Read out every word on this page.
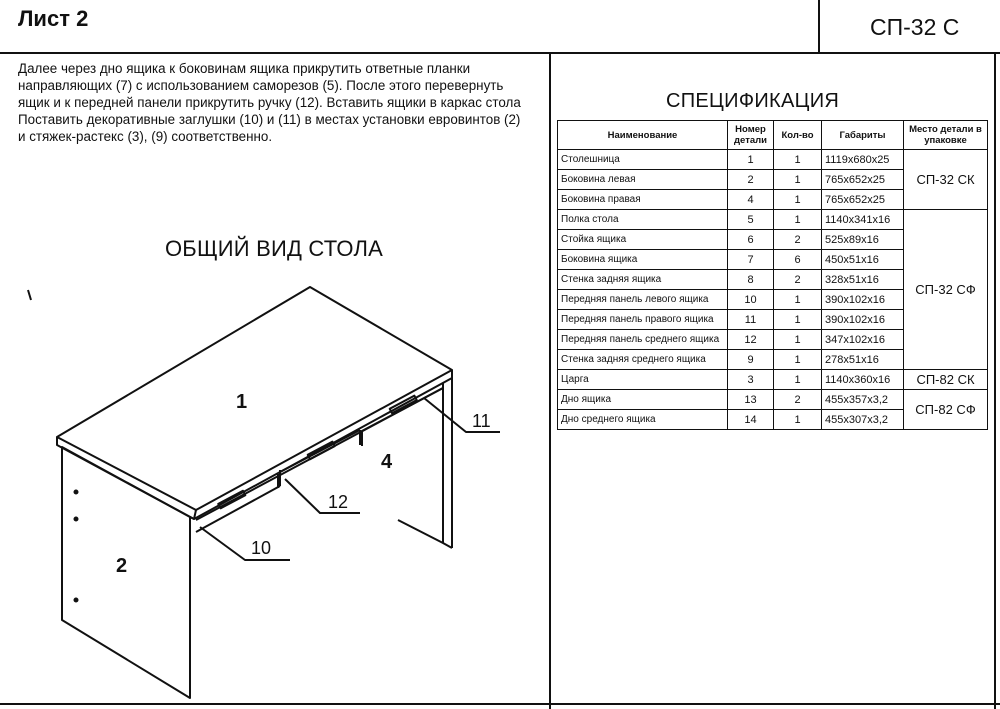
Лист 2	СП-32 С
Далее через дно ящика к боковинам ящика прикрутить ответные планки
направляющих (7) с использованием саморезов (5). После этого перевернуть
ящик и к передней панели прикрутить ручку (12). Вставить ящики в каркас стола
Поставить декоративные заглушки (10) и (11) в местах установки евровинтов (2)
и стяжек-растекс (3), (9) соответственно.
ОБЩИЙ ВИД СТОЛА
1
2
4
10
11
12
СПЕЦИФИКАЦИЯ
Наименование	Номер детали	Кол-во	Габариты	Место детали в упаковке
Столешница	1	1	1119x680x25	СП-32 СК
Боковина левая	2	1	765x652x25	
Боковина правая	4	1	765x652x25	
Полка стола	5	1	1140x341x16	СП-32 СФ
Стойка ящика	6	2	525x89x16	
Боковина ящика	7	6	450x51x16	
Стенка задняя ящика	8	2	328x51x16	
Передняя панель левого ящика	10	1	390x102x16	
Передняя панель правого ящика	11	1	390x102x16	
Передняя панель среднего ящика	12	1	347x102x16	
Стенка задняя среднего ящика	9	1	278x51x16	
Царга	3	1	1140x360x16	СП-82 СК
Дно ящика	13	2	455x357x3,2	СП-82 СФ
Дно среднего ящика	14	1	455x307x3,2	
